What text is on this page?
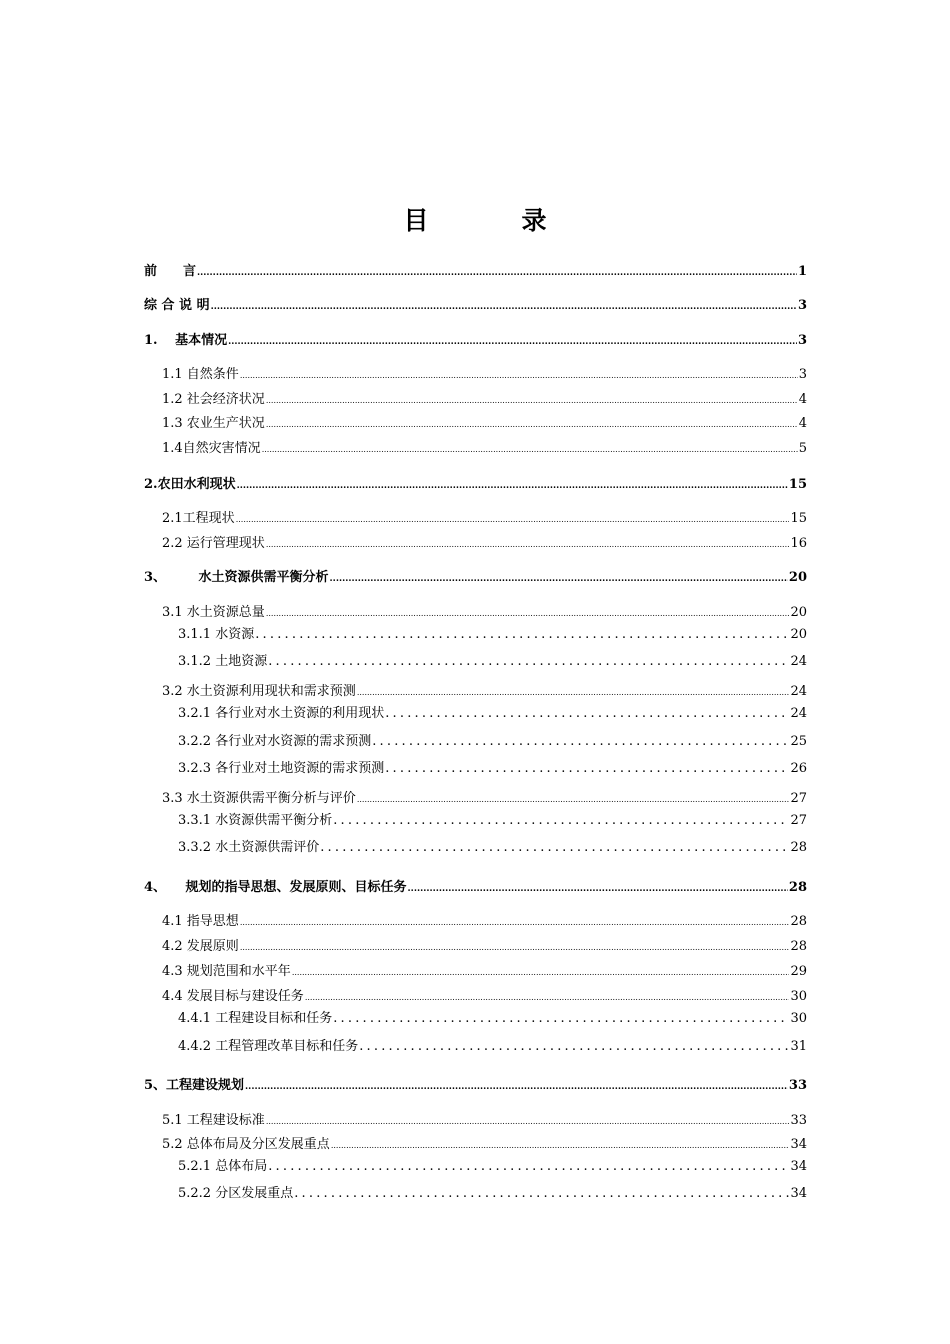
目　录
前　　言 .....	1
综 合 说 明 .....	3
1.　 基本情况 .....	3
1.1 自然条件 .....	3
1.2 社会经济状况 .....	4
1.3 农业生产状况 .....	4
1.4自然灾害情况 .....	5
2.农田水利现状 .....	15
2.1工程现状 .....	15
2.2 运行管理现状 .....	16
3、　　　水土资源供需平衡分析 .....	20
3.1 水土资源总量 .....	20
3.1.1 水资源 .....	20
3.1.2 土地资源 .....	24
3.2 水土资源利用现状和需求预测 .....	24
3.2.1 各行业对水土资源的利用现状 .....	24
3.2.2 各行业对水资源的需求预测 .....	25
3.2.3 各行业对土地资源的需求预测 .....	26
3.3 水土资源供需平衡分析与评价 .....	27
3.3.1 水资源供需平衡分析 .....	27
3.3.2 水土资源供需评价 .....	28
4、　　规划的指导思想、发展原则、目标任务 .....	28
4.1 指导思想 .....	28
4.2 发展原则 .....	28
4.3 规划范围和水平年 .....	29
4.4 发展目标与建设任务 .....	30
4.4.1 工程建设目标和任务 .....	30
4.4.2 工程管理改革目标和任务 .....	31
5、工程建设规划 .....	33
5.1 工程建设标准 .....	33
5.2 总体布局及分区发展重点 .....	34
5.2.1 总体布局 .....	34
5.2.2 分区发展重点 .....	34
